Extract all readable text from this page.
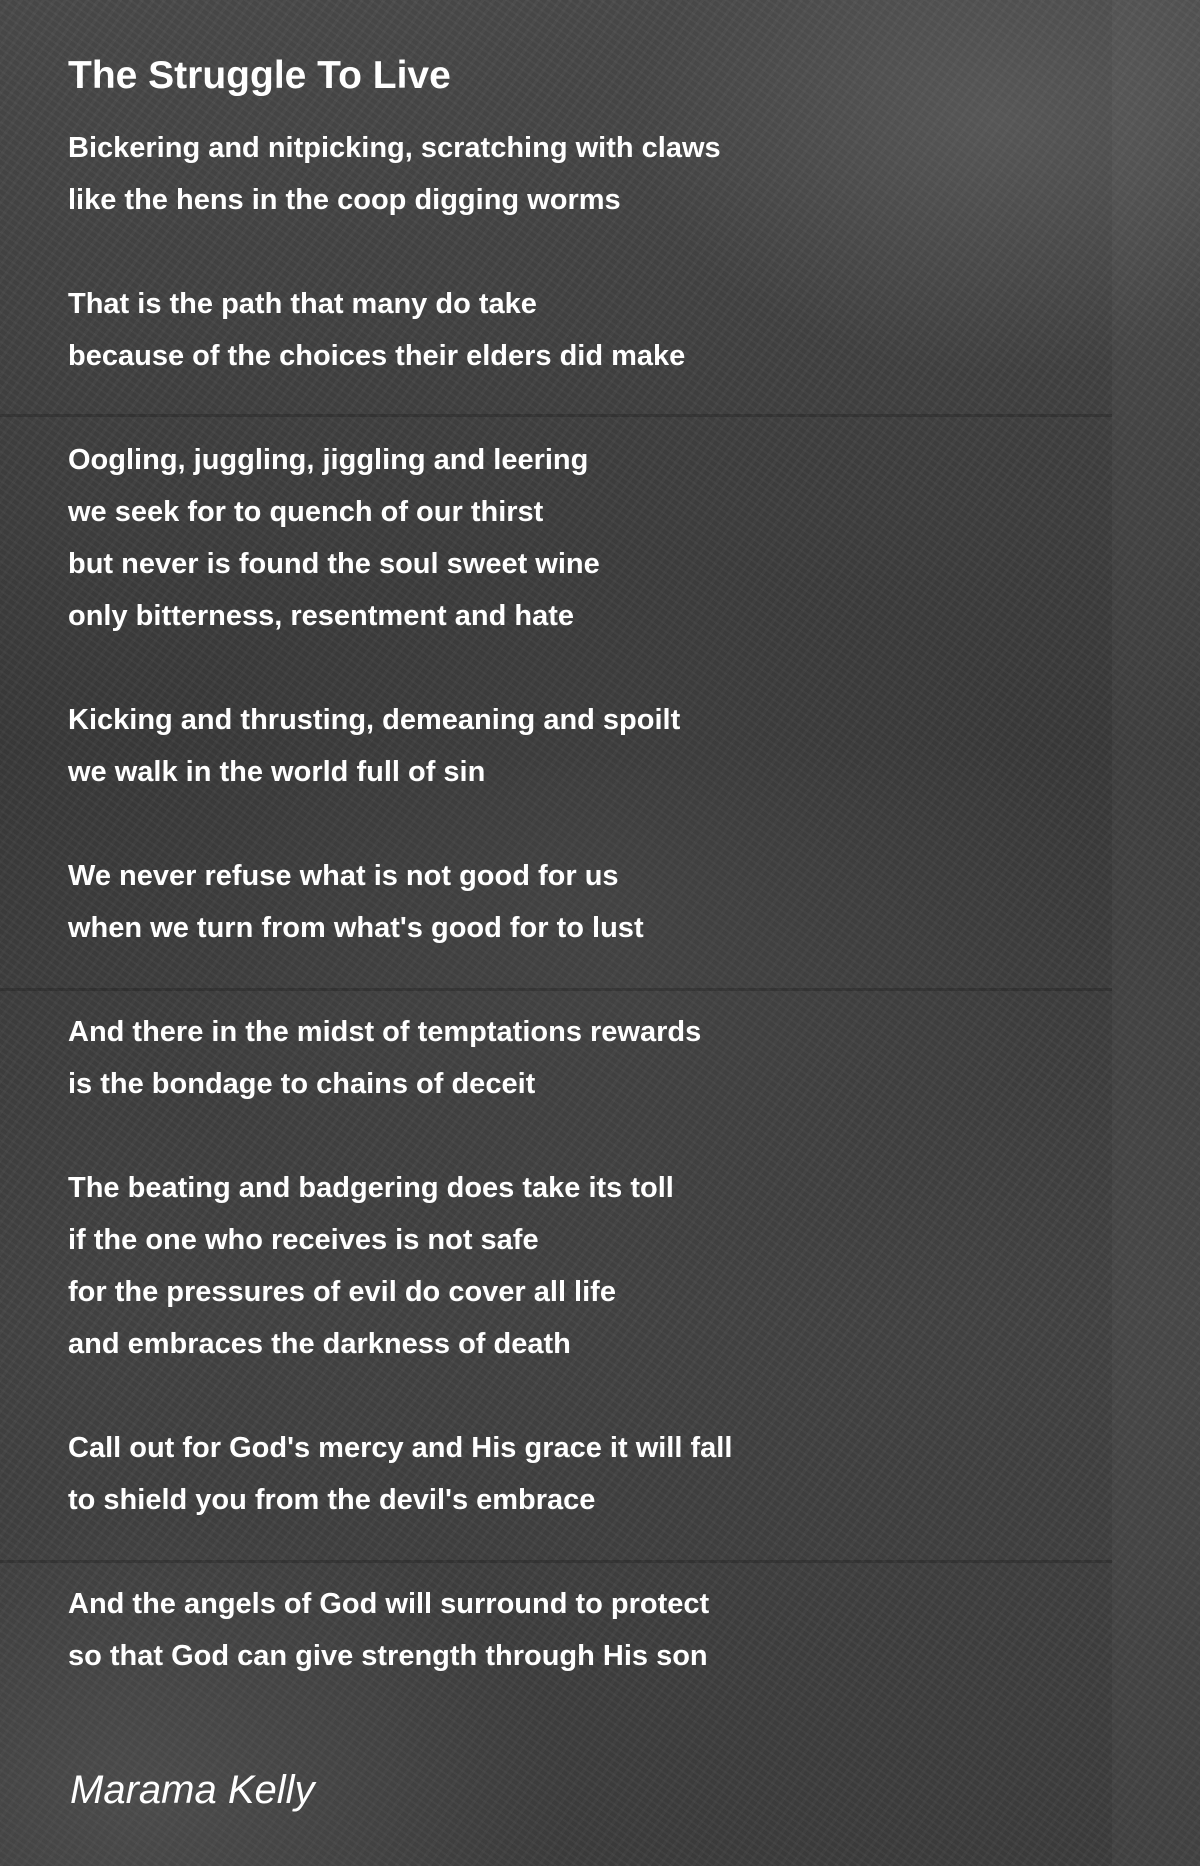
The Struggle To Live

Bickering and nitpicking, scratching with claws
like the hens in the coop digging worms

That is the path that many do take
because of the choices their elders did make

Oogling, juggling, jiggling and leering
we seek for to quench of our thirst
but never is found the soul sweet wine
only bitterness, resentment and hate

Kicking and thrusting, demeaning and spoilt
we walk in the world full of sin

We never refuse what is not good for us
when we turn from what's good for to lust

And there in the midst of temptations rewards
is the bondage to chains of deceit

The beating and badgering does take its toll
if the one who receives is not safe
for the pressures of evil do cover all life
and embraces the darkness of death

Call out for God's mercy and His grace it will fall
to shield you from the devil's embrace

And the angels of God will surround to protect
so that God can give strength through His son

Marama Kelly
